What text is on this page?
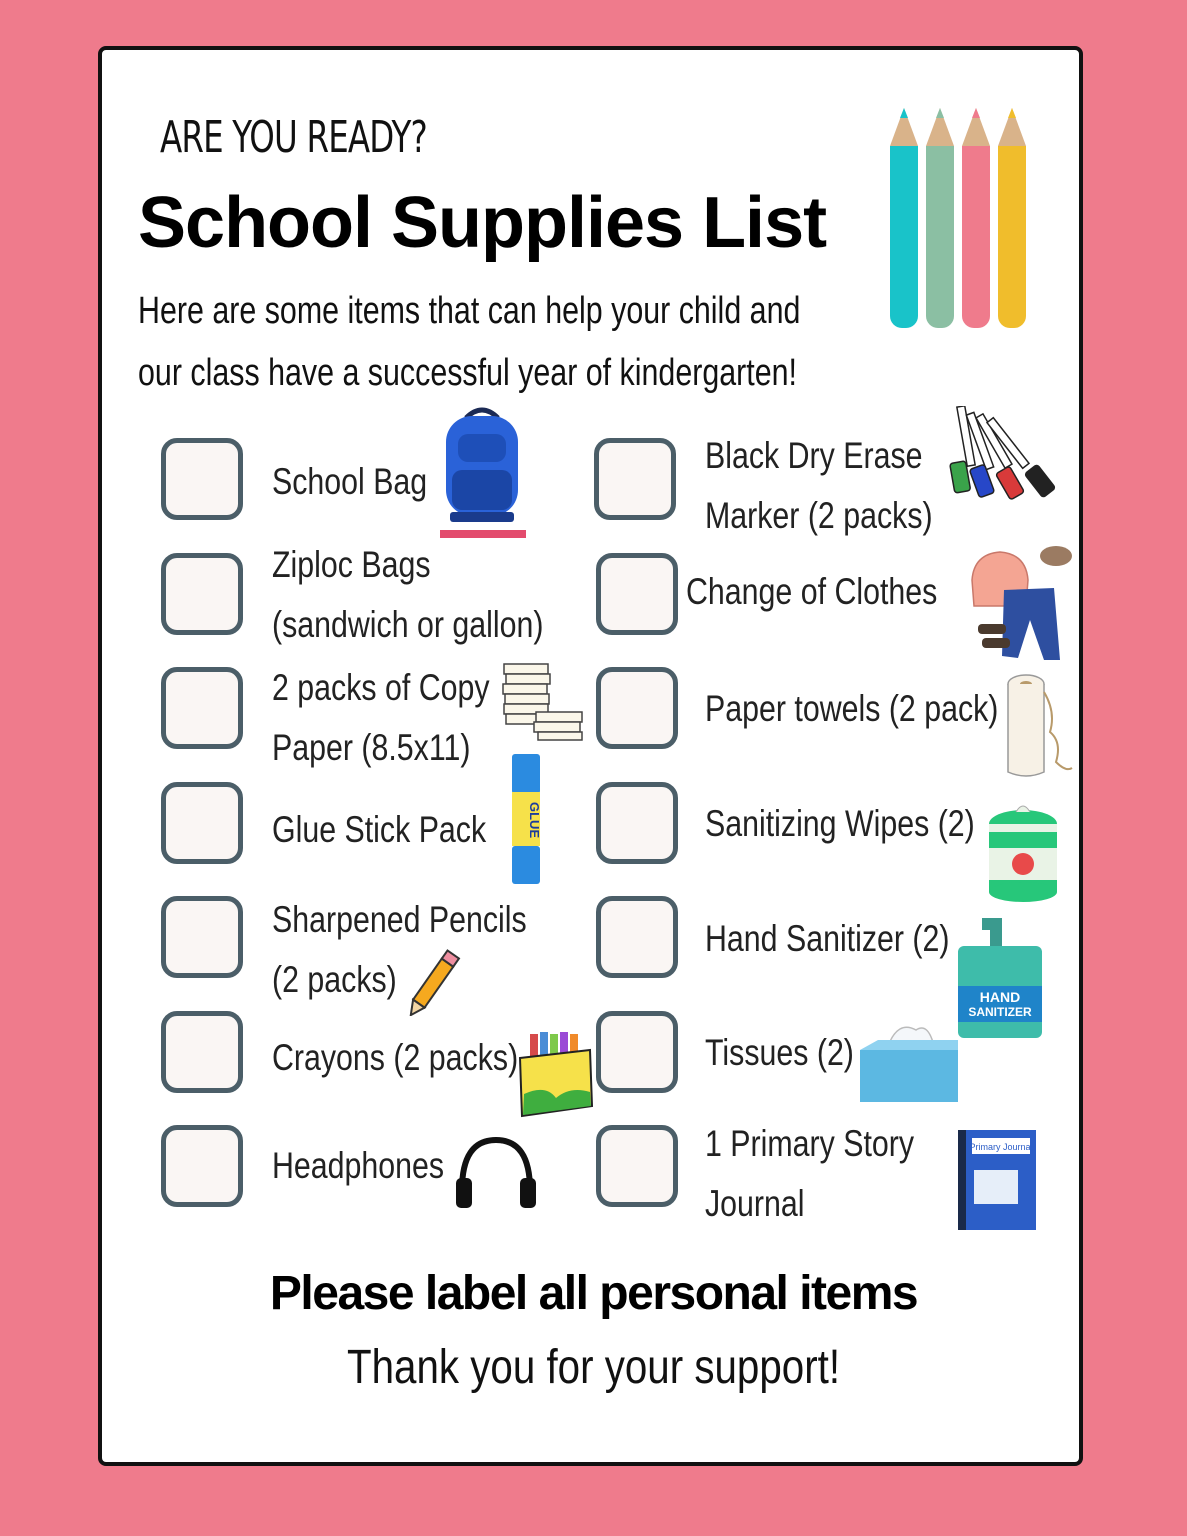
ARE YOU READY?
School Supplies List
Here are some items that can help your child and
our class have a successful year of kindergarten!
School Bag
Ziploc Bags
(sandwich or gallon)
2 packs of Copy
Paper (8.5x11)
Glue Stick Pack
Sharpened Pencils
(2 packs)
Crayons (2 packs)
Headphones
Black Dry Erase
Marker (2 packs)
Change of Clothes
Paper towels (2 pack)
Sanitizing Wipes (2)
Hand Sanitizer (2)
Tissues (2)
1 Primary Story
Journal
GLUE
HAND
SANITIZER
Primary Journal
Please label all personal items
Thank you for your support!
